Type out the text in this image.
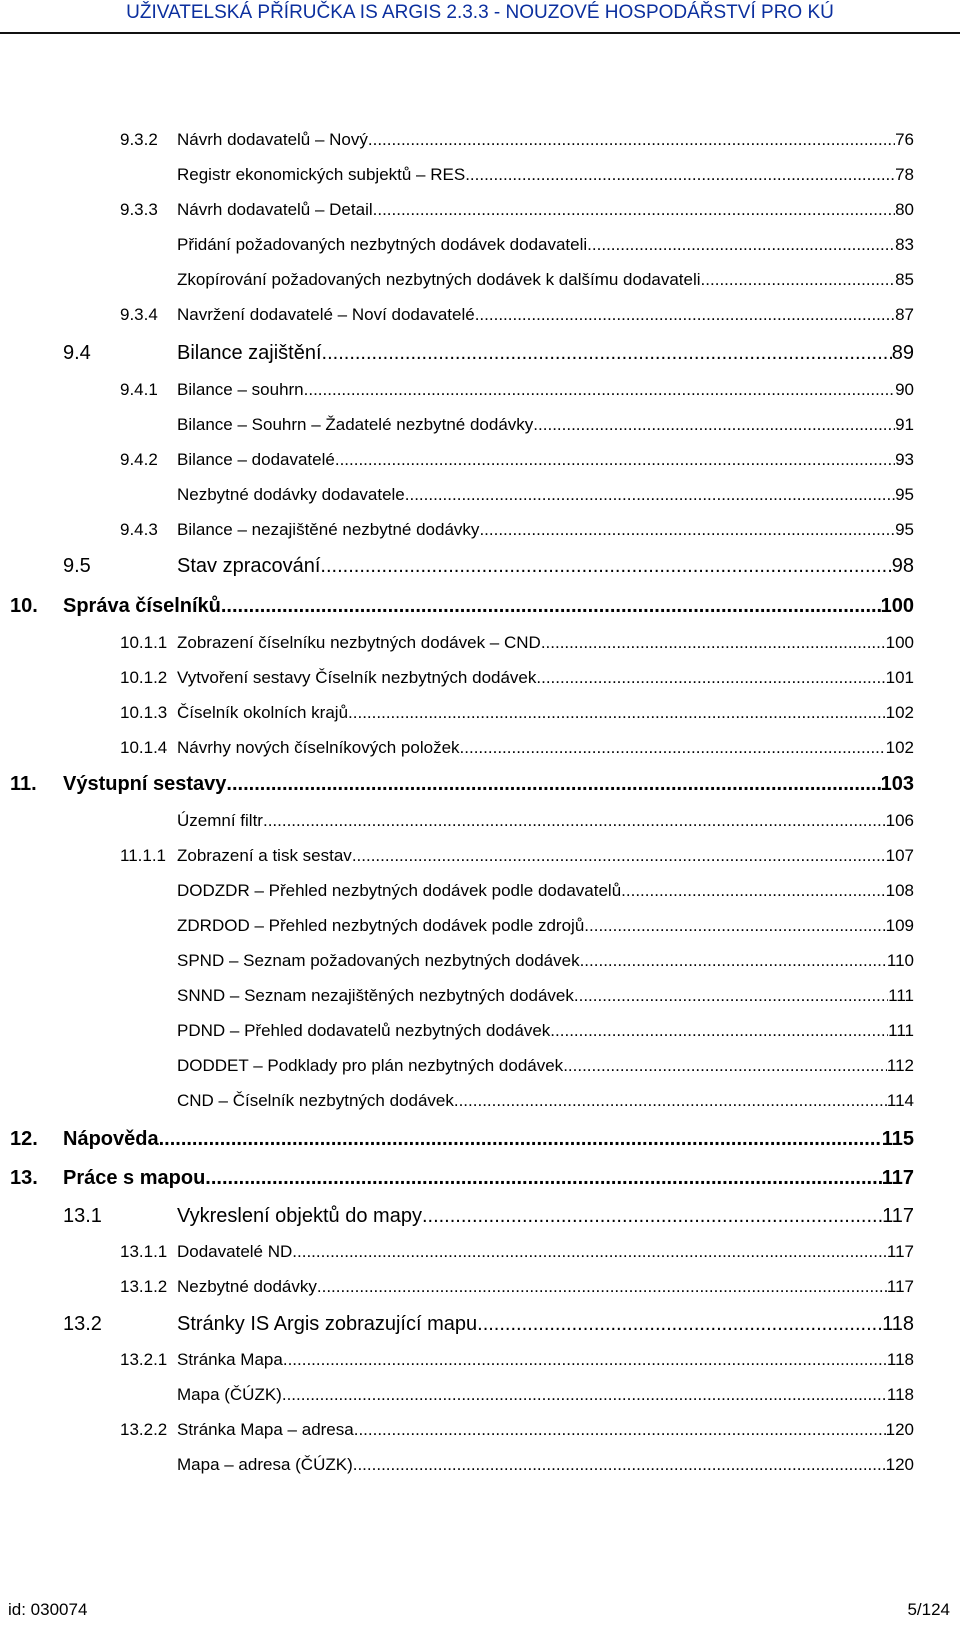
UŽIVATELSKÁ PŘÍRUČKA IS ARGIS 2.3.3 - NOUZOVÉ HOSPODÁŘSTVÍ PRO KÚ
9.3.2 Návrh dodavatelů – Nový .....	76
Registr ekonomických subjektů – RES .....	78
9.3.3 Návrh dodavatelů – Detail .....	80
Přidání požadovaných nezbytných dodávek dodavateli .....	83
Zkopírování požadovaných nezbytných dodávek k dalšímu dodavateli .....	85
9.3.4 Navržení dodavatelé – Noví dodavatelé .....	87
9.4	Bilance zajištění .....	89
9.4.1 Bilance – souhrn .....	90
Bilance – Souhrn – Žadatelé nezbytné dodávky .....	91
9.4.2 Bilance – dodavatelé .....	93
Nezbytné dodávky dodavatele .....	95
9.4.3 Bilance – nezajištěné nezbytné dodávky .....	95
9.5	Stav zpracování .....	98
10. Správa číselníků .....	100
10.1.1 Zobrazení číselníku nezbytných dodávek – CND .....	100
10.1.2 Vytvoření sestavy Číselník nezbytných dodávek .....	101
10.1.3 Číselník okolních krajů .....	102
10.1.4 Návrhy nových číselníkových položek .....	102
11. Výstupní sestavy .....	103
Územní filtr .....	106
11.1.1 Zobrazení a tisk sestav .....	107
DODZDR – Přehled nezbytných dodávek podle dodavatelů .....	108
ZDRDOD – Přehled nezbytných dodávek podle zdrojů .....	109
SPND – Seznam požadovaných nezbytných dodávek .....	110
SNND – Seznam nezajištěných nezbytných dodávek .....	111
PDND – Přehled dodavatelů nezbytných dodávek .....	111
DODDET – Podklady pro plán nezbytných dodávek .....	112
CND – Číselník nezbytných dodávek .....	114
12. Nápověda .....	115
13. Práce s mapou .....	117
13.1	Vykreslení objektů do mapy .....	117
13.1.1 Dodavatelé ND .....	117
13.1.2 Nezbytné dodávky .....	117
13.2	Stránky IS Argis zobrazující mapu .....	118
13.2.1 Stránka Mapa .....	118
Mapa (ČÚZK) .....	118
13.2.2 Stránka Mapa – adresa .....	120
Mapa – adresa (ČÚZK) .....	120
id: 030074	5/124
